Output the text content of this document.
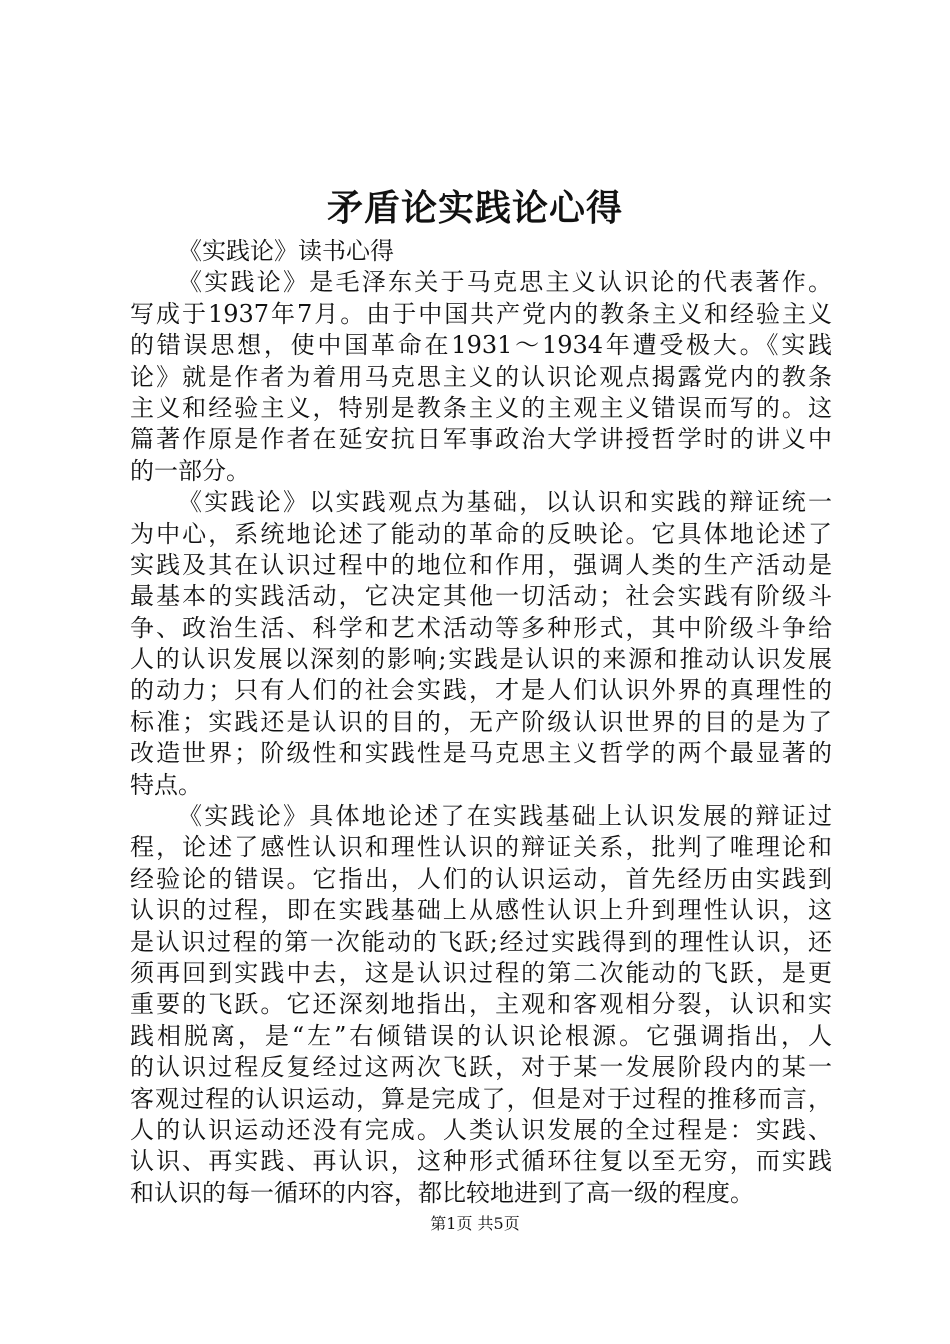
矛盾论实践论心得
《实践论》读书心得
《实践论》是毛泽东关于马克思主义认识论的代表著作。
写成于1937年7月。由于中国共产党内的教条主义和经验主义
的错误思想，使中国革命在1931～1934年遭受极大。《实践
论》就是作者为着用马克思主义的认识论观点揭露党内的教条
主义和经验主义，特别是教条主义的主观主义错误而写的。这
篇著作原是作者在延安抗日军事政治大学讲授哲学时的讲义中
的一部分。
《实践论》以实践观点为基础，以认识和实践的辩证统一
为中心，系统地论述了能动的革命的反映论。它具体地论述了
实践及其在认识过程中的地位和作用，强调人类的生产活动是
最基本的实践活动，它决定其他一切活动；社会实践有阶级斗
争、政治生活、科学和艺术活动等多种形式，其中阶级斗争给
人的认识发展以深刻的影响;实践是认识的来源和推动认识发展
的动力；只有人们的社会实践，才是人们认识外界的真理性的
标准；实践还是认识的目的，无产阶级认识世界的目的是为了
改造世界；阶级性和实践性是马克思主义哲学的两个最显著的
特点。
《实践论》具体地论述了在实践基础上认识发展的辩证过
程，论述了感性认识和理性认识的辩证关系，批判了唯理论和
经验论的错误。它指出，人们的认识运动，首先经历由实践到
认识的过程，即在实践基础上从感性认识上升到理性认识，这
是认识过程的第一次能动的飞跃;经过实践得到的理性认识，还
须再回到实践中去，这是认识过程的第二次能动的飞跃，是更
重要的飞跃。它还深刻地指出，主观和客观相分裂，认识和实
践相脱离，是“左”右倾错误的认识论根源。它强调指出，人
的认识过程反复经过这两次飞跃，对于某一发展阶段内的某一
客观过程的认识运动，算是完成了，但是对于过程的推移而言，
人的认识运动还没有完成。人类认识发展的全过程是：实践、
认识、再实践、再认识，这种形式循环往复以至无穷，而实践
和认识的每一循环的内容，都比较地进到了高一级的程度。
第1页 共5页
